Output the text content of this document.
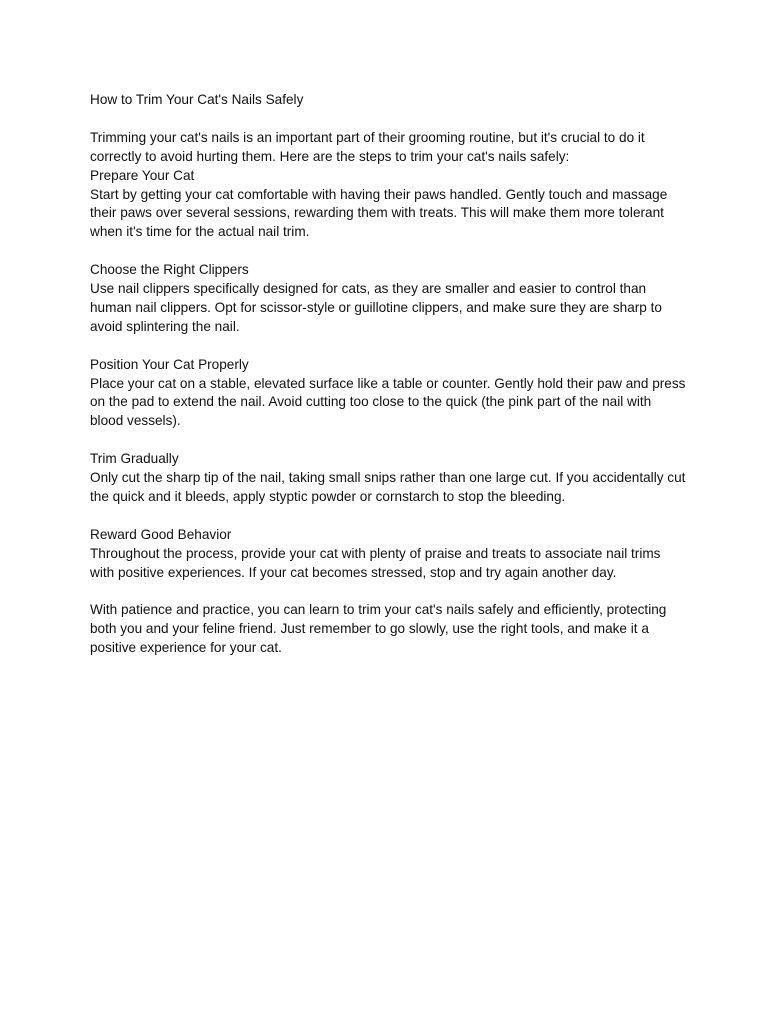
How to Trim Your Cat's Nails Safely

Trimming your cat's nails is an important part of their grooming routine, but it's crucial to do it correctly to avoid hurting them. Here are the steps to trim your cat's nails safely:

Prepare Your Cat

Start by getting your cat comfortable with having their paws handled. Gently touch and massage their paws over several sessions, rewarding them with treats. This will make them more tolerant when it's time for the actual nail trim.

Choose the Right Clippers

Use nail clippers specifically designed for cats, as they are smaller and easier to control than human nail clippers. Opt for scissor-style or guillotine clippers, and make sure they are sharp to avoid splintering the nail.

Position Your Cat Properly

Place your cat on a stable, elevated surface like a table or counter. Gently hold their paw and press on the pad to extend the nail. Avoid cutting too close to the quick (the pink part of the nail with blood vessels).

Trim Gradually

Only cut the sharp tip of the nail, taking small snips rather than one large cut. If you accidentally cut the quick and it bleeds, apply styptic powder or cornstarch to stop the bleeding.

Reward Good Behavior

Throughout the process, provide your cat with plenty of praise and treats to associate nail trims with positive experiences. If your cat becomes stressed, stop and try again another day.

With patience and practice, you can learn to trim your cat's nails safely and efficiently, protecting both you and your feline friend. Just remember to go slowly, use the right tools, and make it a positive experience for your cat.
